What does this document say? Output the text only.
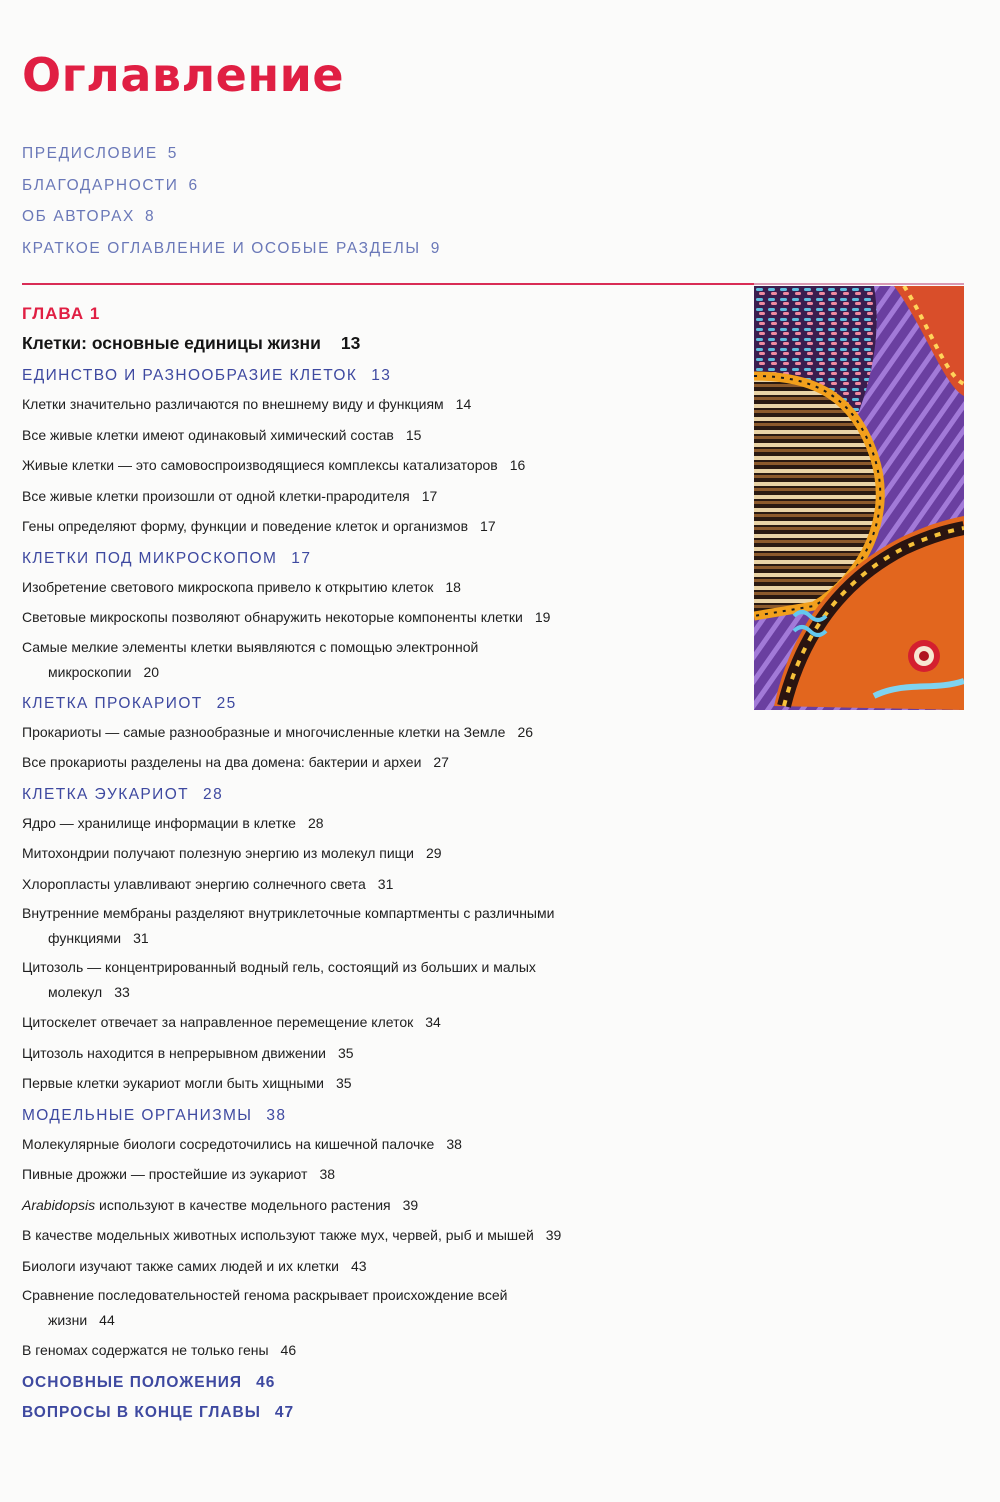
Оглавление
ПРЕДИСЛОВИЕ 5
БЛАГОДАРНОСТИ 6
ОБ АВТОРАХ 8
КРАТКОЕ ОГЛАВЛЕНИЕ И ОСОБЫЕ РАЗДЕЛЫ 9
ГЛАВА 1
Клетки: основные единицы жизни 13
ЕДИНСТВО И РАЗНООБРАЗИЕ КЛЕТОК 13
Клетки значительно различаются по внешнему виду и функциям 14
Все живые клетки имеют одинаковый химический состав 15
Живые клетки — это самовоспроизводящиеся комплексы катализаторов 16
Все живые клетки произошли от одной клетки-прародителя 17
Гены определяют форму, функции и поведение клеток и организмов 17
КЛЕТКИ ПОД МИКРОСКОПОМ 17
Изобретение светового микроскопа привело к открытию клеток 18
Световые микроскопы позволяют обнаружить некоторые компоненты клетки 19
Самые мелкие элементы клетки выявляются с помощью электронной
микроскопии 20
КЛЕТКА ПРОКАРИОТ 25
Прокариоты — самые разнообразные и многочисленные клетки на Земле 26
Все прокариоты разделены на два домена: бактерии и археи 27
КЛЕТКА ЭУКАРИОТ 28
Ядро — хранилище информации в клетке 28
Митохондрии получают полезную энергию из молекул пищи 29
Хлоропласты улавливают энергию солнечного света 31
Внутренние мембраны разделяют внутриклеточные компартменты с различными
функциями 31
Цитозоль — концентрированный водный гель, состоящий из больших и малых
молекул 33
Цитоскелет отвечает за направленное перемещение клеток 34
Цитозоль находится в непрерывном движении 35
Первые клетки эукариот могли быть хищными 35
МОДЕЛЬНЫЕ ОРГАНИЗМЫ 38
Молекулярные биологи сосредоточились на кишечной палочке 38
Пивные дрожжи — простейшие из эукариот 38
Arabidopsis используют в качестве модельного растения 39
В качестве модельных животных используют также мух, червей, рыб и мышей 39
Биологи изучают также самих людей и их клетки 43
Сравнение последовательностей генома раскрывает происхождение всей
жизни 44
В геномах содержатся не только гены 46
ОСНОВНЫЕ ПОЛОЖЕНИЯ 46
ВОПРОСЫ В КОНЦЕ ГЛАВЫ 47
